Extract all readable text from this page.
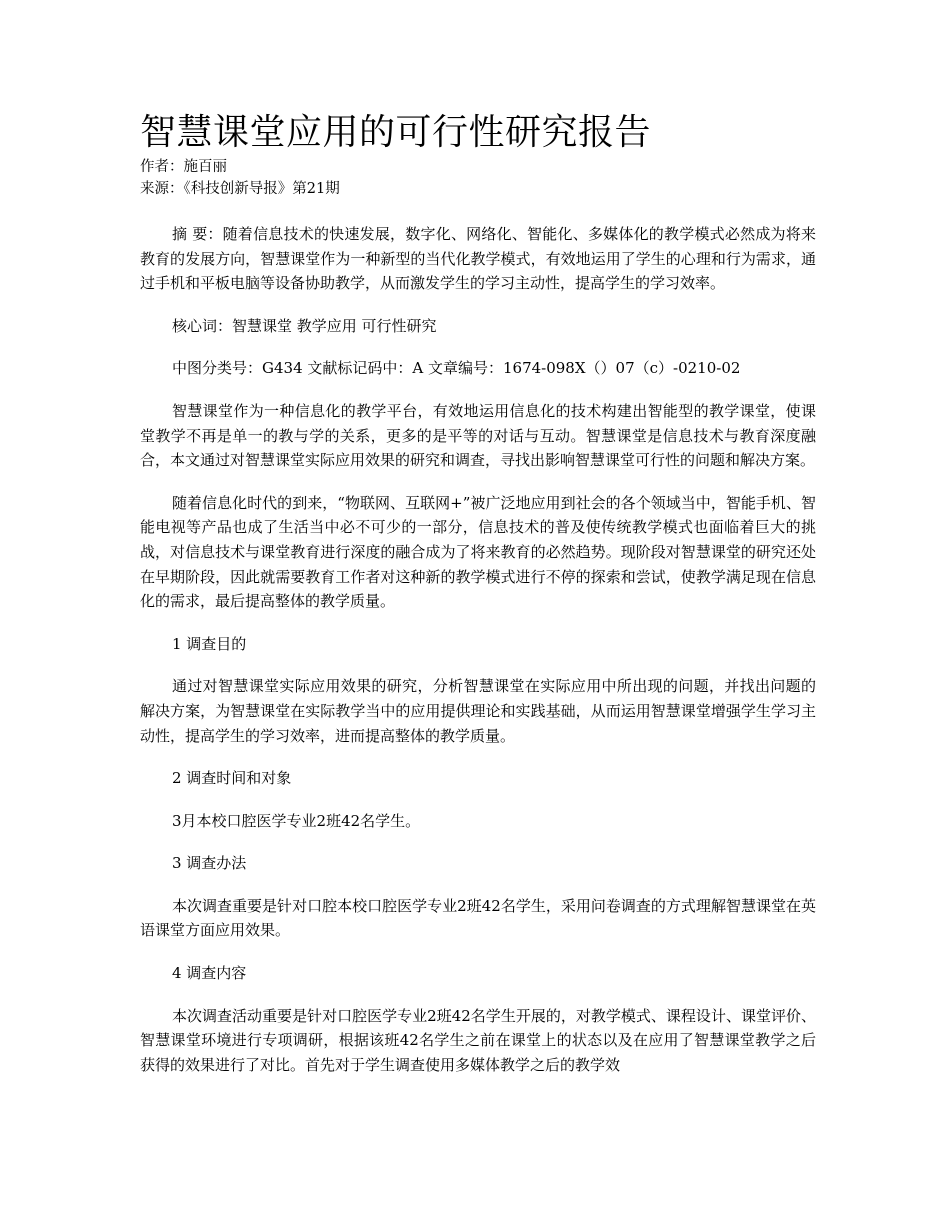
智慧课堂应用的可行性研究报告

作者：施百丽

来源：《科技创新导报》第21期

摘 要：随着信息技术的快速发展，数字化、网络化、智能化、多媒体化的教学模式必然成为将来教育的发展方向，智慧课堂作为一种新型的当代化教学模式，有效地运用了学生的心理和行为需求，通过手机和平板电脑等设备协助教学，从而激发学生的学习主动性，提高学生的学习效率。

核心词：智慧课堂 教学应用 可行性研究

中图分类号：G434 文献标记码中：A 文章编号：1674-098X（）07（c）-0210-02

智慧课堂作为一种信息化的教学平台，有效地运用信息化的技术构建出智能型的教学课堂，使课堂教学不再是单一的教与学的关系，更多的是平等的对话与互动。智慧课堂是信息技术与教育深度融合，本文通过对智慧课堂实际应用效果的研究和调查，寻找出影响智慧课堂可行性的问题和解决方案。

随着信息化时代的到来，“物联网、互联网+”被广泛地应用到社会的各个领域当中，智能手机、智能电视等产品也成了生活当中必不可少的一部分，信息技术的普及使传统教学模式也面临着巨大的挑战，对信息技术与课堂教育进行深度的融合成为了将来教育的必然趋势。现阶段对智慧课堂的研究还处在早期阶段，因此就需要教育工作者对这种新的教学模式进行不停的探索和尝试，使教学满足现在信息化的需求，最后提高整体的教学质量。

1 调查目的

通过对智慧课堂实际应用效果的研究，分析智慧课堂在实际应用中所出现的问题，并找出问题的解决方案，为智慧课堂在实际教学当中的应用提供理论和实践基础，从而运用智慧课堂增强学生学习主动性，提高学生的学习效率，进而提高整体的教学质量。

2 调查时间和对象

3月本校口腔医学专业2班42名学生。

3 调查办法

本次调查重要是针对口腔本校口腔医学专业2班42名学生，采用问卷调查的方式理解智慧课堂在英语课堂方面应用效果。

4 调查内容

本次调查活动重要是针对口腔医学专业2班42名学生开展的，对教学模式、课程设计、课堂评价、智慧课堂环境进行专项调研，根据该班42名学生之前在课堂上的状态以及在应用了智慧课堂教学之后获得的效果进行了对比。首先对于学生调查使用多媒体教学之后的教学效
